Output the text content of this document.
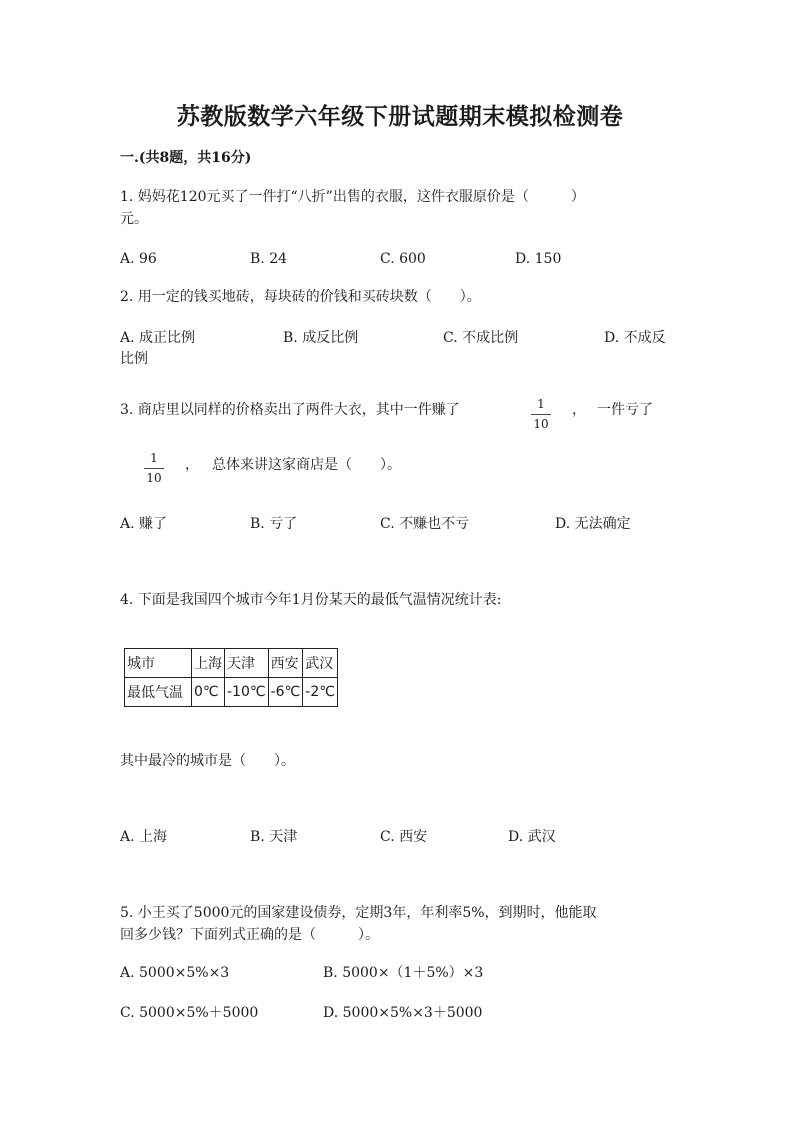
苏教版数学六年级下册试题期末模拟检测卷
一.(共8题，共16分)
1. 妈妈花120元买了一件打“八折”出售的衣服，这件衣服原价是（　　　）
元。
A. 96	B. 24	C. 600	D. 150
2. 用一定的钱买地砖，每块砖的价钱和买砖块数（　　）。
A. 成正比例	B. 成反比例	C. 不成比例	D. 不成反
比例
3. 商店里以同样的价格卖出了两件大衣，其中一件赚了	1
10
， 一件亏了
1
10
， 总体来讲这家商店是（　　）。
A. 赚了	B. 亏了	C. 不赚也不亏	D. 无法确定
4. 下面是我国四个城市今年1月份某天的最低气温情况统计表:
城市	上海	天津	西安	武汉
最低气温	0℃	-10℃	-6℃	-2℃
其中最冷的城市是（　　）。
A. 上海	B. 天津	C. 西安	D. 武汉
5. 小王买了5000元的国家建设债券，定期3年，年利率5%，到期时，他能取
回多少钱？下面列式正确的是（　　　）。
A. 5000×5%×3	B. 5000×（1＋5%）×3
C. 5000×5%＋5000	D. 5000×5%×3＋5000
